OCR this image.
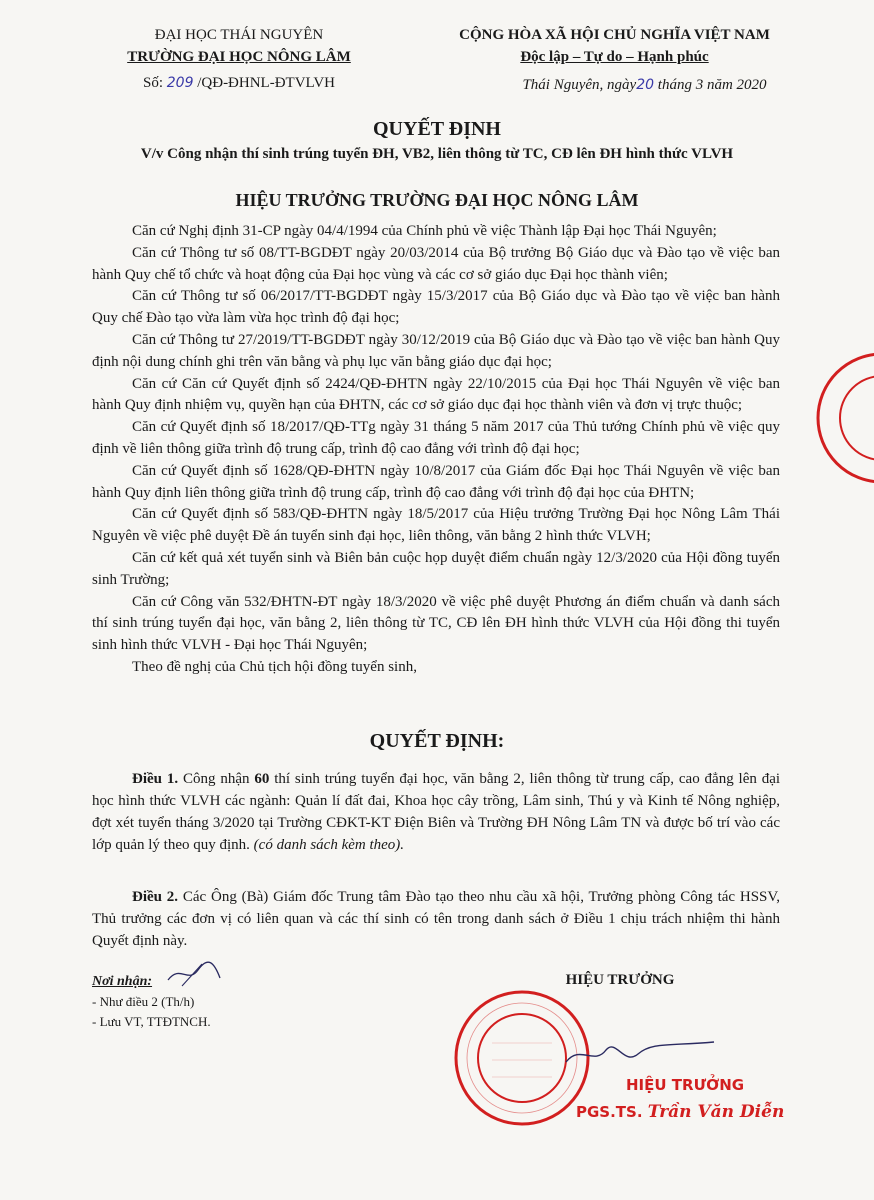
ĐẠI HỌC THÁI NGUYÊN
TRƯỜNG ĐẠI HỌC NÔNG LÂM
Số: 209 /QĐ-ĐHNL-ĐTVLVH
CỘNG HÒA XÃ HỘI CHỦ NGHĨA VIỆT NAM
Độc lập – Tự do – Hạnh phúc
Thái Nguyên, ngày20 tháng 3 năm 2020
QUYẾT ĐỊNH
V/v Công nhận thí sinh trúng tuyển ĐH, VB2, liên thông từ TC, CĐ lên ĐH hình thức VLVH
HIỆU TRƯỞNG TRƯỜNG ĐẠI HỌC NÔNG LÂM

Căn cứ Nghị định 31-CP ngày 04/4/1994 của Chính phủ về việc Thành lập Đại học Thái Nguyên;

Căn cứ Thông tư số 08/TT-BGDĐT ngày 20/03/2014 của Bộ trưởng Bộ Giáo dục và Đào tạo về việc ban hành Quy chế tổ chức và hoạt động của Đại học vùng và các cơ sở giáo dục Đại học thành viên;

Căn cứ Thông tư số 06/2017/TT-BGDĐT ngày 15/3/2017 của Bộ Giáo dục và Đào tạo về việc ban hành Quy chế Đào tạo vừa làm vừa học trình độ đại học;

Căn cứ Thông tư 27/2019/TT-BGDĐT ngày 30/12/2019 của Bộ Giáo dục và Đào tạo về việc ban hành Quy định nội dung chính ghi trên văn bằng và phụ lục văn bằng giáo dục đại học;

Căn cứ Căn cứ Quyết định số 2424/QĐ-ĐHTN ngày 22/10/2015 của Đại học Thái Nguyên về việc ban hành Quy định nhiệm vụ, quyền hạn của ĐHTN, các cơ sở giáo dục đại học thành viên và đơn vị trực thuộc;

Căn cứ Quyết định số 18/2017/QĐ-TTg ngày 31 tháng 5 năm 2017 của Thủ tướng Chính phủ về việc quy định về liên thông giữa trình độ trung cấp, trình độ cao đẳng với trình độ đại học;

Căn cứ Quyết định số 1628/QĐ-ĐHTN ngày 10/8/2017 của Giám đốc Đại học Thái Nguyên về việc ban hành Quy định liên thông giữa trình độ trung cấp, trình độ cao đẳng với trình độ đại học của ĐHTN;

Căn cứ Quyết định số 583/QĐ-ĐHTN ngày 18/5/2017 của Hiệu trưởng Trường Đại học Nông Lâm Thái Nguyên về việc phê duyệt Đề án tuyển sinh đại học, liên thông, văn bằng 2 hình thức VLVH;

Căn cứ kết quả xét tuyển sinh và Biên bản cuộc họp duyệt điểm chuẩn ngày 12/3/2020 của Hội đồng tuyển sinh Trường;

Căn cứ Công văn 532/ĐHTN-ĐT ngày 18/3/2020 về việc phê duyệt Phương án điểm chuẩn và danh sách thí sinh trúng tuyển đại học, văn bằng 2, liên thông từ TC, CĐ lên ĐH hình thức VLVH của Hội đồng thi tuyển sinh hình thức VLVH - Đại học Thái Nguyên;

Theo đề nghị của Chủ tịch hội đồng tuyển sinh,

QUYẾT ĐỊNH:

Điều 1. Công nhận 60 thí sinh trúng tuyển đại học, văn bằng 2, liên thông từ trung cấp, cao đẳng lên đại học hình thức VLVH các ngành: Quản lí đất đai, Khoa học cây trồng, Lâm sinh, Thú y và Kinh tế Nông nghiệp, đợt xét tuyển tháng 3/2020 tại Trường CĐKT-KT Điện Biên và Trường ĐH Nông Lâm TN và được bố trí vào các lớp quản lý theo quy định. (có danh sách kèm theo).

Điều 2. Các Ông (Bà) Giám đốc Trung tâm Đào tạo theo nhu cầu xã hội, Trưởng phòng Công tác HSSV, Thủ trưởng các đơn vị có liên quan và các thí sinh có tên trong danh sách ở Điều 1 chịu trách nhiệm thi hành Quyết định này.

Nơi nhận:
- Như điều 2 (Th/h)
- Lưu VT, TTĐTNCH.
HIỆU TRƯỞNG
HIỆU TRƯỞNG
PGS.TS. Trần Văn Diễn
